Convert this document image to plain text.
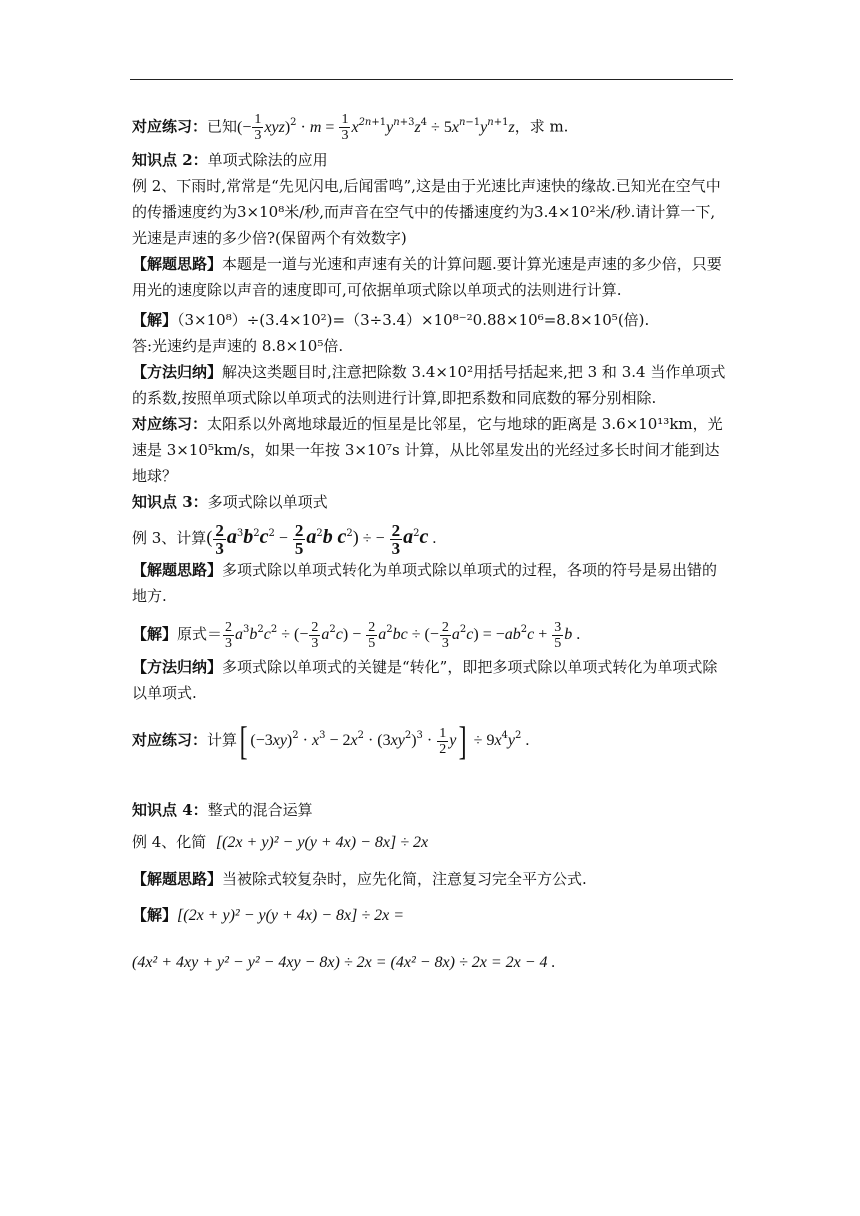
对应练习：已知(− $\frac{1}{3} xyz)^2 \cdot m = \frac{1}{3} x^{2n+1}y^{n+3}z^4 \div 5x^{n-1}y^{n+1}z$，求 m.

知识点 2：单项式除法的应用

例 2、下雨时,常常是“先见闪电,后闻雷鸣”,这是由于光速比声速快的缘故.已知光在空气中的传播速度约为3×10⁸米/秒,而声音在空气中的传播速度约为3.4×10²米/秒.请计算一下, 光速是声速的多少倍?(保留两个有效数字)

【解题思路】本题是一道与光速和声速有关的计算问题.要计算光速是声速的多少倍，只要用光的速度除以声音的速度即可,可依据单项式除以单项式的法则进行计算.

【解】（3×10⁸）÷(3.4×10²)=（3÷3.4）×10⁸⁻²0.88×10⁶=8.8×10⁵(倍).

答:光速约是声速的 8.8×10⁵倍.

【方法归纳】解决这类题目时,注意把除数 3.4×10²用括号括起来,把 3 和 3.4 当作单项式的系数,按照单项式除以单项式的法则进行计算,即把系数和同底数的幂分别相除.

对应练习：太阳系以外离地球最近的恒星是比邻星，它与地球的距离是 3.6×10¹³km，光速是 3×10⁵km/s，如果一年按 3×10⁷s 计算，从比邻星发出的光经过多长时间才能到达地球？

知识点 3：多项式除以单项式

例 3、计算( $\frac{2}{3} a^3b^2c^2 - \frac{2}{5} a^2b$ $c^2$) ÷ − $\frac{2}{3} a^2c$ .

【解题思路】多项式除以单项式转化为单项式除以单项式的过程，各项的符号是易出错的地方.

【解】原式＝ $\frac{2}{3} a^3b^2c^2$ ÷ (− $\frac{2}{3} a^2c) - \frac{2}{5} a^2bc$ ÷ (− $\frac{2}{3} a^2c) = -ab^2c + \frac{3}{5}$ b .

【方法归纳】多项式除以单项式的关键是“转化”，即把多项式除以单项式转化为单项式除以单项式.

对应练习：计算[ $(-3xy)^2 \cdot x^3 - 2x^2 \cdot (3xy^2)^3 \cdot \frac{1}{2} y] \div 9x^4y^2$ .

知识点 4：整式的混合运算

例 4、化简 [(2x + y)² − y(y + 4x) − 8x] ÷ 2x

【解题思路】当被除式较复杂时，应先化简，注意复习完全平方公式.

【解】[(2x + y)² − y(y + 4x) − 8x] ÷ 2x =

(4x² + 4xy + y² − y² − 4xy − 8x) ÷ 2x = (4x² − 8x) ÷ 2x = 2x − 4 .
